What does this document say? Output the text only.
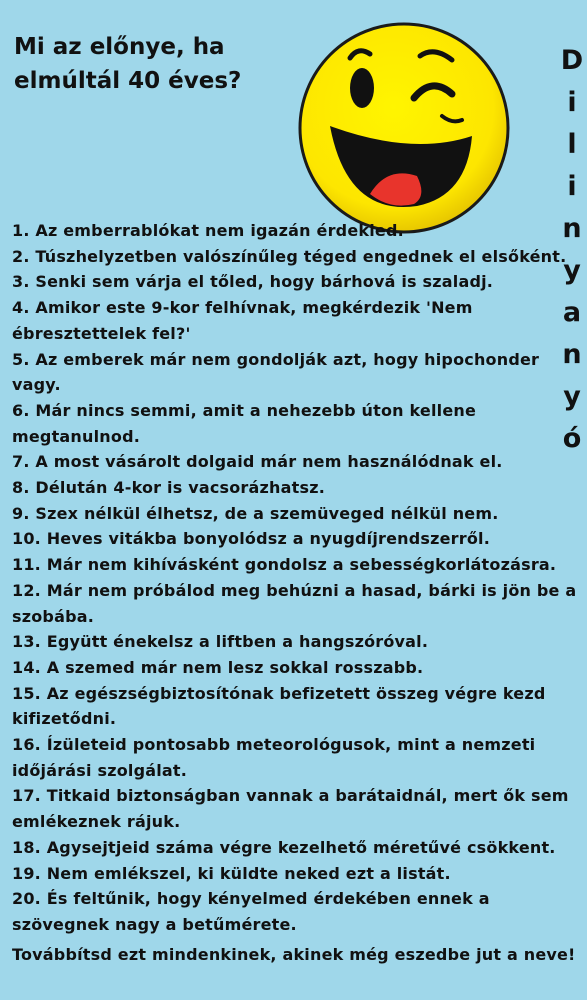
Mi az előnye, ha
elmúltál 40 éves?
D
i
l
i
n
y
a
n
y
ó
1. Az emberrablókat nem igazán érdekled.
2. Túszhelyzetben valószínűleg téged engednek el elsőként.
3. Senki sem várja el tőled, hogy bárhová is szaladj.
4. Amikor este 9-kor felhívnak, megkérdezik 'Nem ébresztettelek fel?'
5. Az emberek már nem gondolják azt, hogy hipochonder vagy.
6. Már nincs semmi, amit a nehezebb úton kellene megtanulnod.
7. A most vásárolt dolgaid már nem használódnak el.
8. Délután 4-kor is vacsorázhatsz.
9. Szex nélkül élhetsz, de a szemüveged nélkül nem.
10. Heves vitákba bonyolódsz a nyugdíjrendszerről.
11. Már nem kihívásként gondolsz a sebességkorlátozásra.
12. Már nem próbálod meg behúzni a hasad, bárki is jön be a szobába.
13. Együtt énekelsz a liftben a hangszóróval.
14. A szemed már nem lesz sokkal rosszabb.
15. Az egészségbiztosítónak befizetett összeg végre kezd kifizetődni.
16. Ízületeid pontosabb meteorológusok, mint a nemzeti időjárási szolgálat.
17. Titkaid biztonságban vannak a barátaidnál, mert ők sem emlékeznek rájuk.
18. Agysejtjeid száma végre kezelhető méretűvé csökkent.
19. Nem emlékszel, ki küldte neked ezt a listát.
20. És feltűnik, hogy kényelmed érdekében ennek a szövegnek nagy a betűmérete.
Továbbítsd ezt mindenkinek, akinek még eszedbe jut a neve!
